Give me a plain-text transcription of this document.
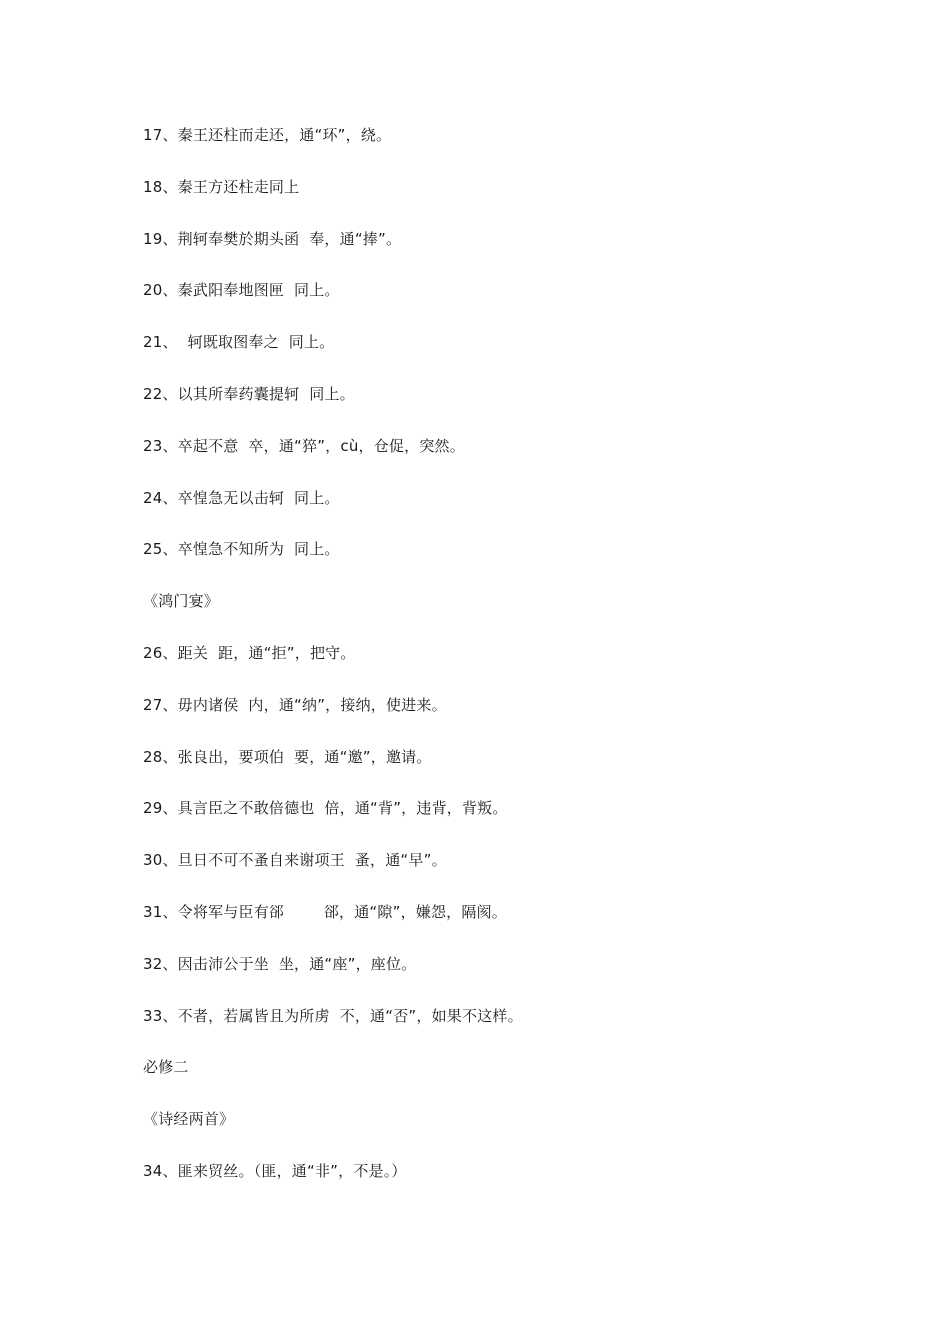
17、秦王还柱而走还，通“环”，绕。
18、秦王方还柱走同上
19、荆轲奉樊於期头函  奉，通“捧”。
20、秦武阳奉地图匣  同上。
21、  轲既取图奉之  同上。
22、以其所奉药囊提轲  同上。
23、卒起不意  卒，通“猝”，cù，仓促，突然。
24、卒惶急无以击轲  同上。
25、卒惶急不知所为  同上。
《鸿门宴》
26、距关  距，通“拒”，把守。
27、毋内诸侯  内，通“纳”，接纳，使进来。
28、张良出，要项伯  要，通“邀”，邀请。
29、具言臣之不敢倍德也  倍，通“背”，违背，背叛。
30、旦日不可不蚤自来谢项王  蚤，通“早”。
31、令将军与臣有郤        郤，通“隙”，嫌怨，隔阂。
32、因击沛公于坐  坐，通“座”，座位。
33、不者，若属皆且为所虏  不，通“否”，如果不这样。
必修二
《诗经两首》
34、匪来贸丝。（匪，通“非”，不是。）
